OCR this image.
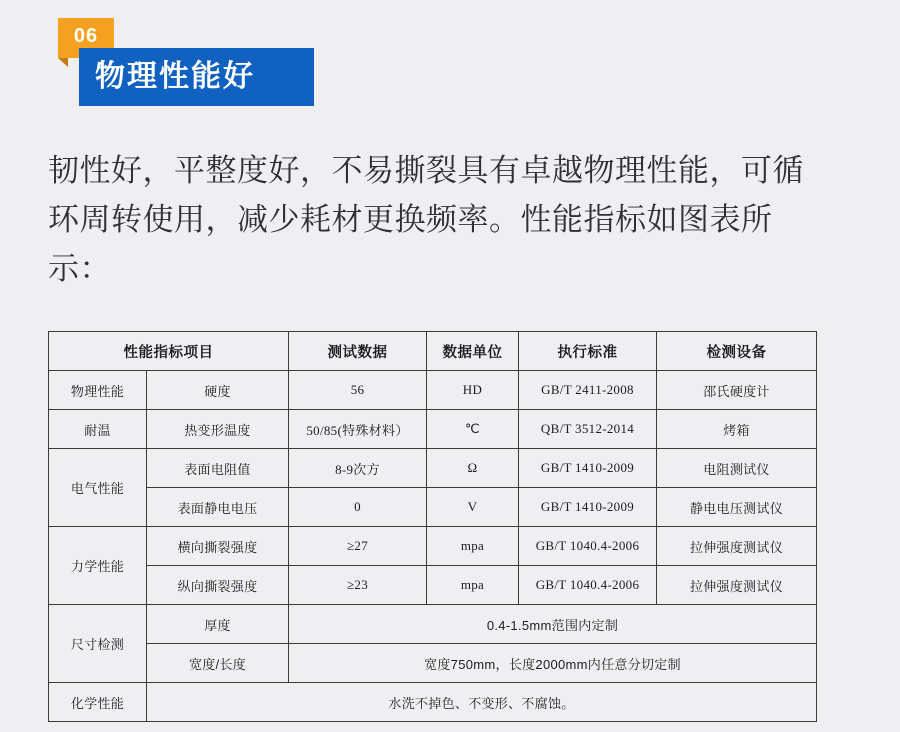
06
物理性能好
韧性好，平整度好，不易撕裂具有卓越物理性能，可循环周转使用，减少耗材更换频率。性能指标如图表所示：
性能指标项目		测试数据	数据单位	执行标准	检测设备
物理性能	硬度	56	HD	GB/T 2411-2008	邵氏硬度计
耐温	热变形温度	50/85(特殊材料）	℃	QB/T 3512-2014	烤箱
电气性能	表面电阻值	8-9次方	Ω	GB/T 1410-2009	电阻测试仪
	表面静电电压	0	V	GB/T 1410-2009	静电电压测试仪
力学性能	横向撕裂强度	≥27	mpa	GB/T 1040.4-2006	拉伸强度测试仪
	纵向撕裂强度	≥23	mpa	GB/T 1040.4-2006	拉伸强度测试仪
尺寸检测	厚度	0.4-1.5mm范围内定制			
	宽度/长度	宽度750mm，长度2000mm内任意分切定制			
化学性能	水洗不掉色、不变形、不腐蚀。				
